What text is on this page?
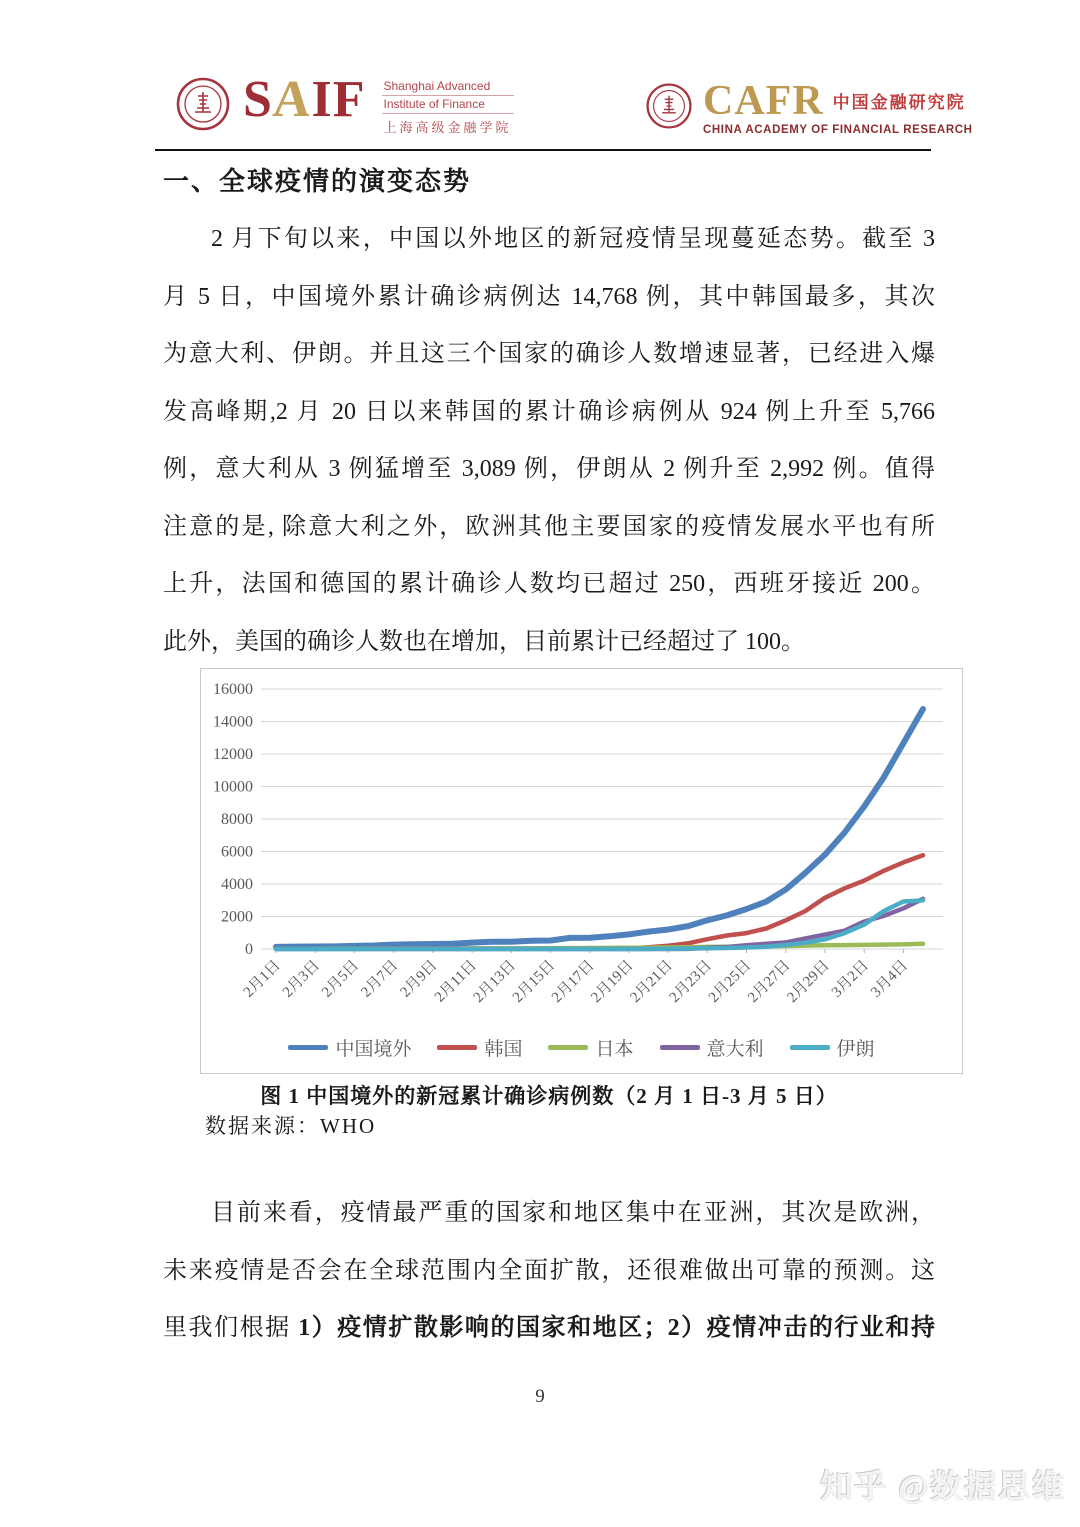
SAIF Shanghai Advanced
Institute of Finance
上海高级金融学院
CAFR 中国金融研究院
CHINA ACADEMY OF FINANCIAL RESEARCH
一、全球疫情的演变态势
2 月下旬以来，中国以外地区的新冠疫情呈现蔓延态势。截至 3
月 5 日，中国境外累计确诊病例达 14,768 例，其中韩国最多，其次
为意大利、伊朗。并且这三个国家的确诊人数增速显著，已经进入爆
发高峰期,2 月 20 日以来韩国的累计确诊病例从 924 例上升至 5,766
例，意大利从 3 例猛增至 3,089 例，伊朗从 2 例升至 2,992 例。值得
注意的是, 除意大利之外，欧洲其他主要国家的疫情发展水平也有所
上升，法国和德国的累计确诊人数均已超过 250，西班牙接近 200。
此外，美国的确诊人数也在增加，目前累计已经超过了 100。
0
2000
4000
6000
8000
10000
12000
14000
16000
2月1日
2月3日
2月5日
2月7日
2月9日
2月11日
2月13日
2月15日
2月17日
2月19日
2月21日
2月23日
2月25日
2月27日
2月29日
3月2日
3月4日
中国境外	韩国	日本	意大利	伊朗
图 1 中国境外的新冠累计确诊病例数（2 月 1 日-3 月 5 日）
数据来源：WHO
目前来看，疫情最严重的国家和地区集中在亚洲，其次是欧洲，
未来疫情是否会在全球范围内全面扩散，还很难做出可靠的预测。这
里我们根据 1）疫情扩散影响的国家和地区；2）疫情冲击的行业和持
9
知乎 @数据思维
